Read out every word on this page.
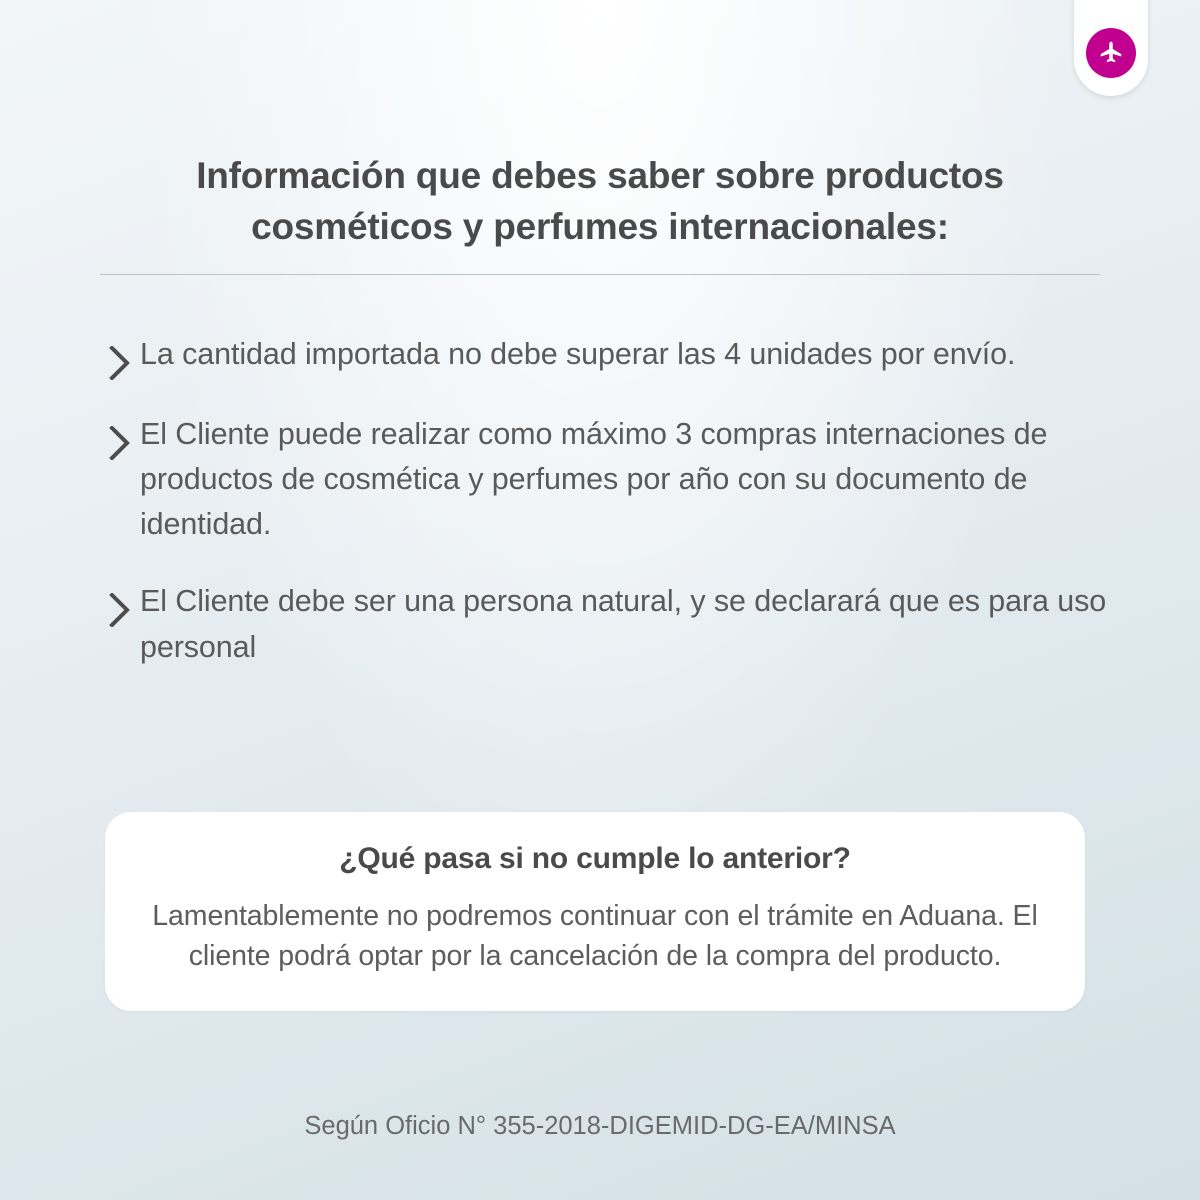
Información que debes saber sobre productos
cosméticos y perfumes internacionales:
La cantidad importada no debe superar las 4 unidades por envío.
El Cliente puede realizar como máximo 3 compras internaciones de productos de cosmética y perfumes por año con su documento de identidad.
El Cliente debe ser una persona natural, y se declarará que es para uso personal

¿Qué pasa si no cumple lo anterior?

Lamentablemente no podremos continuar con el trámite en Aduana. El cliente podrá optar por la cancelación de la compra del producto.

Según Oficio N° 355-2018-DIGEMID-DG-EA/MINSA
